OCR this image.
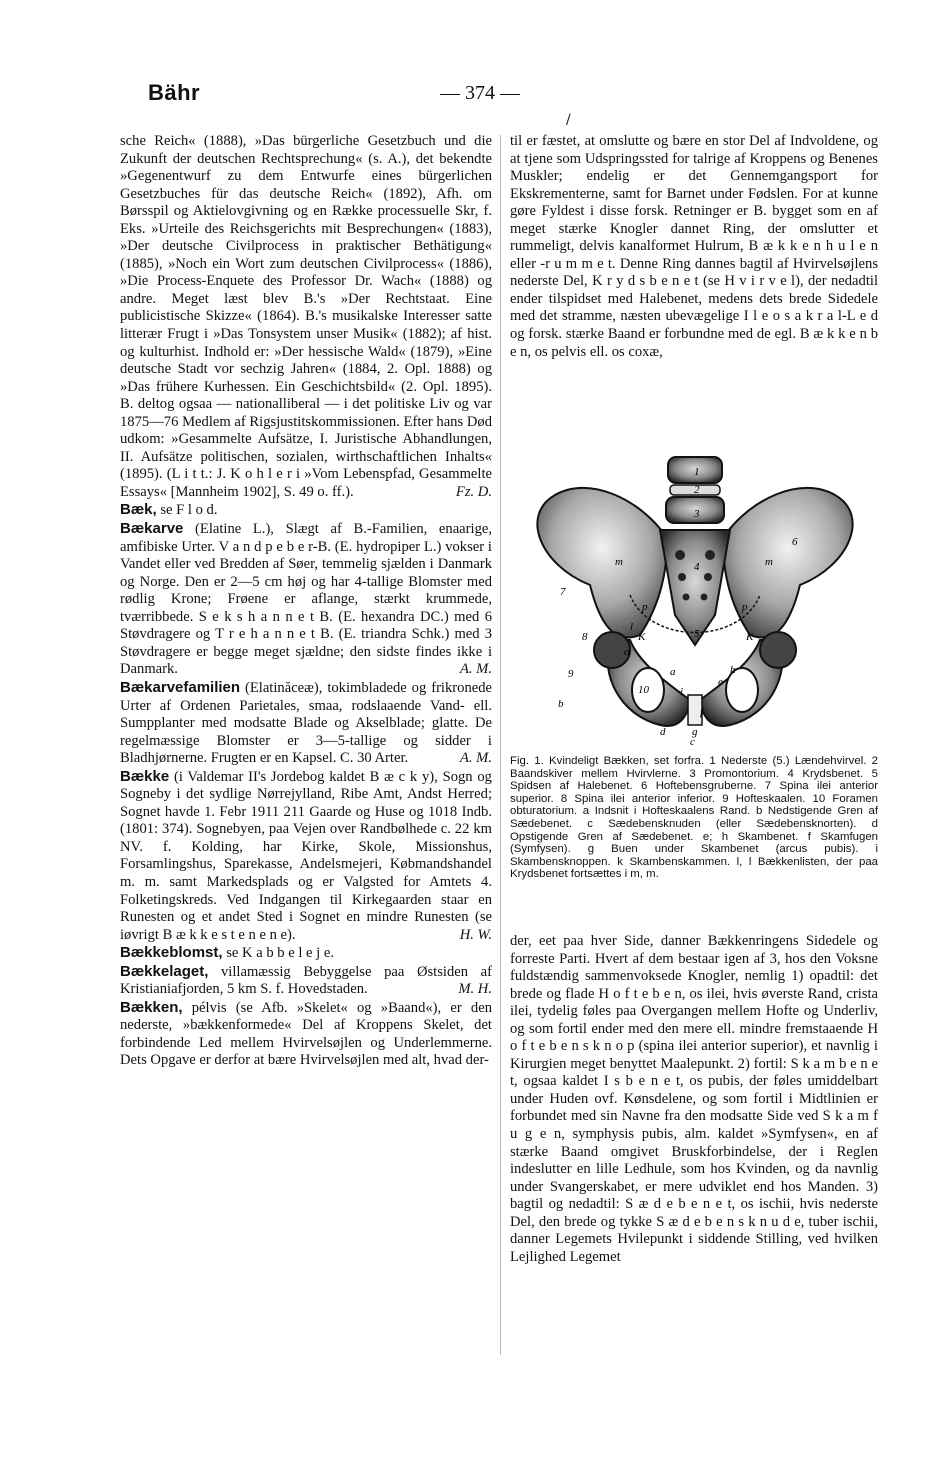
Bähr	— 374 —
/

sche Reich« (1888), »Das bürgerliche Gesetzbuch und die Zukunft der deutschen Rechtsprechung« (s. A.), det bekendte »Gegenentwurf zu dem Entwurfe eines bürgerlichen Gesetzbuches für das deutsche Reich« (1892), Afh. om Børsspil og Aktielovgivning og en Række processuelle Skr, f. Eks. »Urteile des Reichsgerichts mit Besprechungen« (1883), »Der deutsche Civilprocess in praktischer Bethätigung« (1885), »Noch ein Wort zum deutschen Civilprocess« (1886), »Die Process-Enquete des Professor Dr. Wach« (1888) og andre. Meget læst blev B.'s »Der Rechtstaat. Eine publicistische Skizze« (1864). B.'s musikalske Interesser satte litterær Frugt i »Das Tonsystem unser Musik« (1882); af hist. og kulturhist. Indhold er: »Der hessische Wald« (1879), »Eine deutsche Stadt vor sechzig Jahren« (1884, 2. Opl. 1888) og »Das frühere Kurhessen. Ein Geschichtsbild« (2. Opl. 1895). B. deltog ogsaa — nationalliberal — i det politiske Liv og var 1875—76 Medlem af Rigsjustitskommissionen. Efter hans Død udkom: »Gesammelte Aufsätze, I. Juristische Abhandlungen, II. Aufsätze politischen, sozialen, wirthschaftlichen Inhalts« (1895). (L i t t.: J. K o h l e r i »Vom Lebenspfad, Gesammelte Essays« [Mannheim 1902], S. 49 o. ff.).	Fz. D.

Bæk, se F l o d.

Bækarve (Elatine L.), Slægt af B.-Familien, enaarige, amfibiske Urter. V a n d p e b e r-B. (E. hydropiper L.) vokser i Vandet eller ved Bredden af Søer, temmelig sjælden i Danmark og Norge. Den er 2—5 cm høj og har 4-tallige Blomster med rødlig Krone; Frøene er aflange, stærkt krummede, tværribbede. S e k s h a n n e t B. (E. hexandra DC.) med 6 Støvdragere og T r e h a n n e t B. (E. triandra Schk.) med 3 Støvdragere er begge meget sjældne; den sidste findes ikke i Danmark.	A. M.

Bækarvefamilien (Elatinăceæ), tokimbladede og frikronede Urter af Ordenen Parietales, smaa, rodslaaende Vand- ell. Sumpplanter med modsatte Blade og Akselblade; glatte. De regelmæssige Blomster er 3—5-tallige og sidder i Bladhjørnerne. Frugten er en Kapsel. C. 30 Arter.	A. M.

Bække (i Valdemar II's Jordebog kaldet B æ c k y), Sogn og Sogneby i det sydlige Nørrejylland, Ribe Amt, Andst Herred; Sognet havde 1. Febr 1911 211 Gaarde og Huse og 1018 Indb. (1801: 374). Sognebyen, paa Vejen over Randbølhede c. 22 km NV. f. Kolding, har Kirke, Skole, Missionshus, Forsamlingshus, Sparekasse, Andelsmejeri, Købmandshandel m. m. samt Markedsplads og er Valgsted for Amtets 4. Folketingskreds. Ved Indgangen til Kirkegaarden staar en Runesten og et andet Sted i Sognet en mindre Runesten (se iøvrigt B æ k k e s t e n e n e).	H. W.

Bækkeblomst, se K a b b e l e j e.

Bækkelaget, villamæssig Bebyggelse paa Østsiden af Kristianiafjorden, 5 km S. f. Hovedstaden.	M. H.

Bækken, pélvis (se Afb. »Skelet« og »Baand«), er den nederste, »bækkenformede« Del af Kroppens Skelet, det forbindende Led mellem Hvirvelsøjlen og Underlemmerne. Dets Opgave er derfor at bære Hvirvelsøjlen med alt, hvad der-

til er fæstet, at omslutte og bære en stor Del af Indvoldene, og at tjene som Udspringssted for talrige af Kroppens og Benenes Muskler; endelig er det Gennemgangsport for Ekskrementerne, samt for Barnet under Fødslen. For at kunne gøre Fyldest i disse forsk. Retninger er B. bygget som en af meget stærke Knogler dannet Ring, der omslutter et rummeligt, delvis kanalformet Hulrum, B æ k k e n h u l e n eller -r u m m e t. Denne Ring dannes bagtil af Hvirvelsøjlens nederste Del, K r y d s b e n e t (se H v i r v e l), der nedadtil ender tilspidset med Halebenet, medens dets brede Sidedele med det stramme, næsten ubevægelige I l e o s a k r a l-L e d og forsk. stærke Baand er forbundne med de egl. B æ k k e n b e n, os pelvis ell. os coxæ,

1
2
3
4
5
6
7
8
9
10
m	m
p	p
K	K
a
b
c
d
e
f
g
h
i
l
o

Fig. 1. Kvindeligt Bækken, set forfra. 1 Nederste (5.) Lændehvirvel. 2 Baandskiver mellem Hvirvlerne. 3 Promontorium. 4 Krydsbenet. 5 Spidsen af Halebenet. 6 Hoftebensgruberne. 7 Spina ilei anterior superior. 8 Spina ilei anterior inferior. 9 Hofteskaalen. 10 Foramen obturatorium. a Indsnit i Hofteskaalens Rand. b Nedstigende Gren af Sædebenet. c Sædebensknuden (eller Sædebensknorten). d Opstigende Gren af Sædebenet. e; h Skambenet. f Skamfugen (Symfysen). g Buen under Skambenet (arcus pubis). i Skambensknoppen. k Skambenskammen. l, l Bækkenlisten, der paa Krydsbenet fortsættes i m, m.

der, eet paa hver Side, danner Bækkenringens Sidedele og forreste Parti. Hvert af dem bestaar igen af 3, hos den Voksne fuldstændig sammenvoksede Knogler, nemlig 1) opadtil: det brede og flade H o f t e b e n, os ilei, hvis øverste Rand, crista ilei, tydelig føles paa Overgangen mellem Hofte og Underliv, og som fortil ender med den mere ell. mindre fremstaaende H o f t e b e n s k n o p (spina ilei anterior superior), et navnlig i Kirurgien meget benyttet Maalepunkt. 2) fortil: S k a m b e n e t, ogsaa kaldet I s b e n e t, os pubis, der føles umiddelbart under Huden ovf. Kønsdelene, og som fortil i Midtlinien er forbundet med sin Navne fra den modsatte Side ved S k a m f u g e n, symphysis pubis, alm. kaldet »Symfysen«, en af stærke Baand omgivet Bruskforbindelse, der i Reglen indeslutter en lille Ledhule, som hos Kvinden, og da navnlig under Svangerskabet, er mere udviklet end hos Manden. 3) bagtil og nedadtil: S æ d e b e n e t, os ischii, hvis nederste Del, den brede og tykke S æ d e b e n s k n u d e, tuber ischii, danner Legemets Hvilepunkt i siddende Stilling, ved hvilken Lejlighed Legemet
